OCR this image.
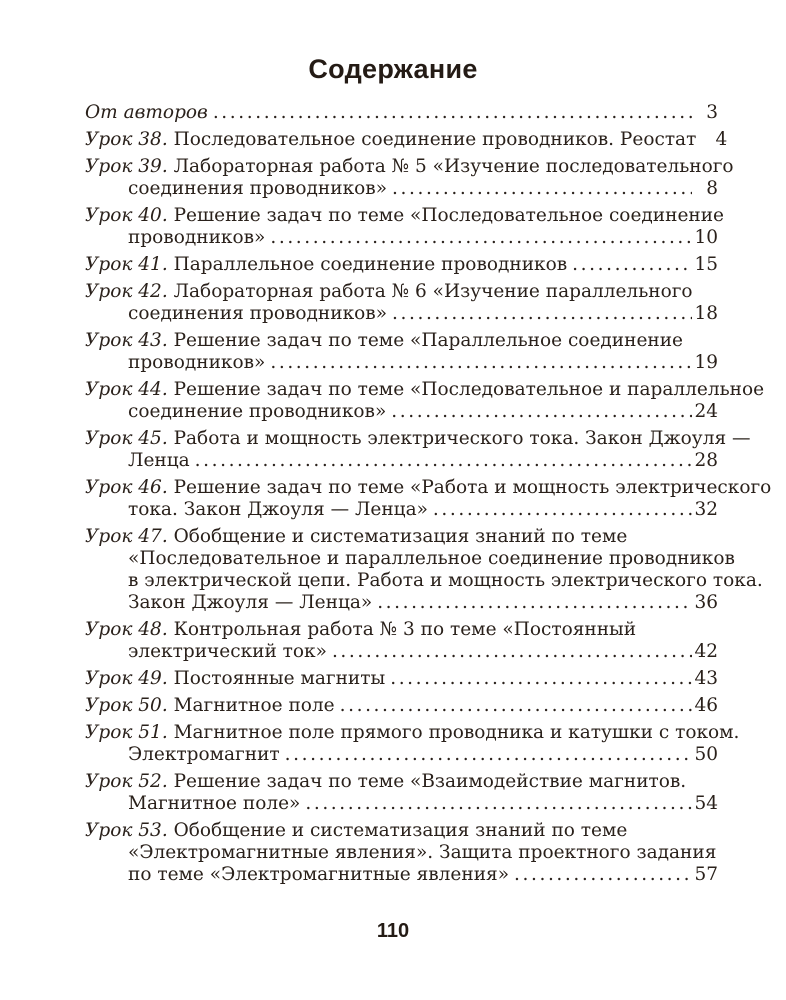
Содержание
От авторов .....	3
Урок 38. Последовательное соединение проводников. Реостат	4
Урок 39. Лабораторная работа № 5 «Изучение последовательного
соединения проводников» .....	8
Урок 40. Решение задач по теме «Последовательное соединение
проводников» .....	10
Урок 41. Параллельное соединение проводников .....	15
Урок 42. Лабораторная работа № 6 «Изучение параллельного
соединения проводников» .....	18
Урок 43. Решение задач по теме «Параллельное соединение
проводников» .....	19
Урок 44. Решение задач по теме «Последовательное и параллельное
соединение проводников» .....	24
Урок 45. Работа и мощность электрического тока. Закон Джоуля —
Ленца .....	28
Урок 46. Решение задач по теме «Работа и мощность электрического
тока. Закон Джоуля — Ленца» .....	32
Урок 47. Обобщение и систематизация знаний по теме
«Последовательное и параллельное соединение проводников
в электрической цепи. Работа и мощность электрического тока.
Закон Джоуля — Ленца» .....	36
Урок 48. Контрольная работа № 3 по теме «Постоянный
электрический ток» .....	42
Урок 49. Постоянные магниты .....	43
Урок 50. Магнитное поле .....	46
Урок 51. Магнитное поле прямого проводника и катушки с током.
Электромагнит .....	50
Урок 52. Решение задач по теме «Взаимодействие магнитов.
Магнитное поле» .....	54
Урок 53. Обобщение и систематизация знаний по теме
«Электромагнитные явления». Защита проектного задания
по теме «Электромагнитные явления» .....	57
110
